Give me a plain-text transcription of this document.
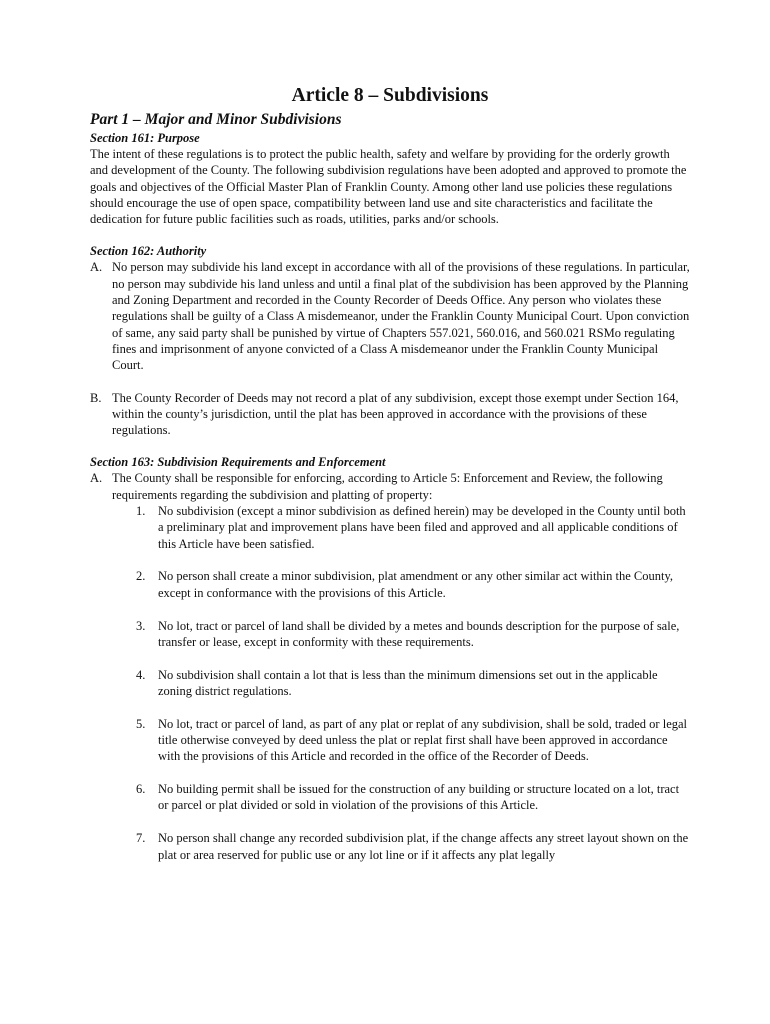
Article 8 – Subdivisions
Part 1 – Major and Minor Subdivisions
Section 161: Purpose

The intent of these regulations is to protect the public health, safety and welfare by providing for the orderly growth and development of the County. The following subdivision regulations have been adopted and approved to promote the goals and objectives of the Official Master Plan of Franklin County. Among other land use policies these regulations should encourage the use of open space, compatibility between land use and site characteristics and facilitate the dedication for future public facilities such as roads, utilities, parks and/or schools.

Section 162: Authority
A. No person may subdivide his land except in accordance with all of the provisions of these regulations. In particular, no person may subdivide his land unless and until a final plat of the subdivision has been approved by the Planning and Zoning Department and recorded in the County Recorder of Deeds Office. Any person who violates these regulations shall be guilty of a Class A misdemeanor, under the Franklin County Municipal Court. Upon conviction of same, any said party shall be punished by virtue of Chapters 557.021, 560.016, and 560.021 RSMo regulating fines and imprisonment of anyone convicted of a Class A misdemeanor under the Franklin County Municipal Court.
B. The County Recorder of Deeds may not record a plat of any subdivision, except those exempt under Section 164, within the county’s jurisdiction, until the plat has been approved in accordance with the provisions of these regulations.
Section 163: Subdivision Requirements and Enforcement
A. The County shall be responsible for enforcing, according to Article 5: Enforcement and Review, the following requirements regarding the subdivision and platting of property:
1. No subdivision (except a minor subdivision as defined herein) may be developed in the County until both a preliminary plat and improvement plans have been filed and approved and all applicable conditions of this Article have been satisfied.
2. No person shall create a minor subdivision, plat amendment or any other similar act within the County, except in conformance with the provisions of this Article.
3. No lot, tract or parcel of land shall be divided by a metes and bounds description for the purpose of sale, transfer or lease, except in conformity with these requirements.
4. No subdivision shall contain a lot that is less than the minimum dimensions set out in the applicable zoning district regulations.
5. No lot, tract or parcel of land, as part of any plat or replat of any subdivision, shall be sold, traded or legal title otherwise conveyed by deed unless the plat or replat first shall have been approved in accordance with the provisions of this Article and recorded in the office of the Recorder of Deeds.
6. No building permit shall be issued for the construction of any building or structure located on a lot, tract or parcel or plat divided or sold in violation of the provisions of this Article.
7. No person shall change any recorded subdivision plat, if the change affects any street layout shown on the plat or area reserved for public use or any lot line or if it affects any plat legally
